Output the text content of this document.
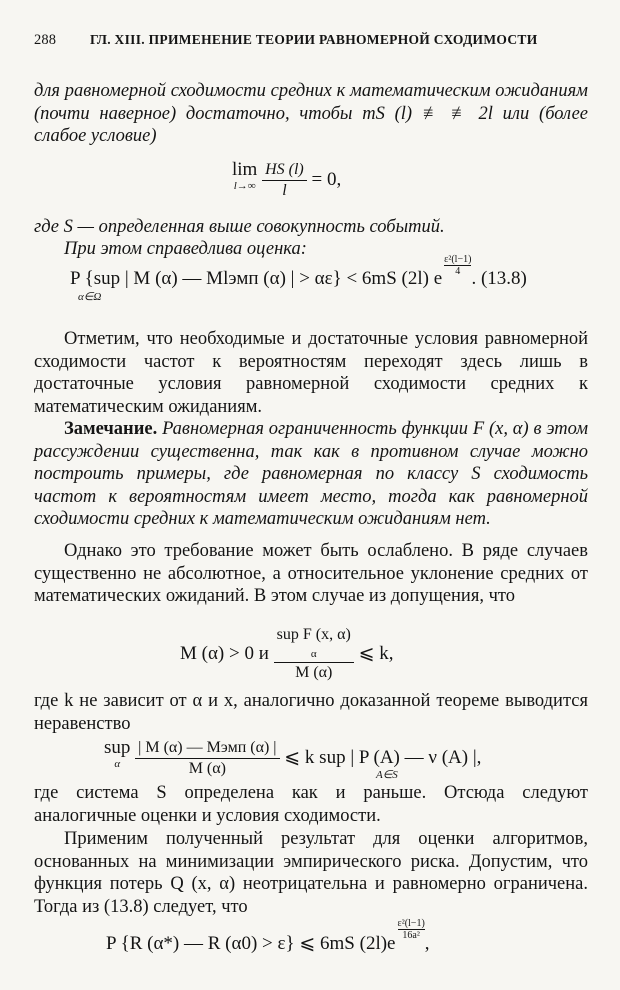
288	ГЛ. XIII. ПРИМЕНЕНИЕ ТЕОРИИ РАВНОМЕРНОЙ СХОДИМОСТИ
для равномерной сходимости средних к математическим ожиданиям (почти наверное) достаточно, чтобы mS (l) ≢ ≢ 2l или (более слабое условие)
lim
l→∞
$\frac{HS (l)}{l} = 0$,
где S — определенная выше совокупность событий.
При этом справедлива оценка:
P {sup | M (α) — Mlэмп (α) | > αε} < 6mS (2l) e
$\frac{\text{ε²(l−1)}}{4}$
. (13.8)
α∈Ω
Отметим, что необходимые и достаточные условия равномерной сходимости частот к вероятностям переходят здесь лишь в достаточные условия равномерной сходимости средних к математическим ожиданиям.
Замечание. Равномерная ограниченность функции F (x, α) в этом рассуждении существенна, так как в противном случае можно построить примеры, где равномерная по классу S сходимость частот к вероятностям имеет место, тогда как равномерной сходимости средних к математическим ожиданиям нет.
Однако это требование может быть ослаблено. В ряде случаев существенно не абсолютное, а относительное уклонение средних от математических ожиданий. В этом случае из допущения, что
M (α) > 0 и
sup F (x, α)
α
M (α)
⩽ k,
где k не зависит от α и x, аналогично доказанной теореме выводится неравенство
sup
α
$\frac{\text{| M (α) — Mэмп (α) |}}{M (\alpha)}$ ⩽ k sup | P (A) — ν (A) |,
A∈S
где система S определена как и раньше. Отсюда следуют аналогичные оценки и условия сходимости.
Применим полученный результат для оценки алгоритмов, основанных на минимизации эмпирического риска. Допустим, что функция потерь Q (x, α) неотрицательна и равномерно ограничена. Тогда из (13.8) следует, что
P {R (α*) — R (α0) > ε} ⩽ 6mS (2l)e
$\frac{\text{ε²(l−1)}}{\text{16a²}}$
,
